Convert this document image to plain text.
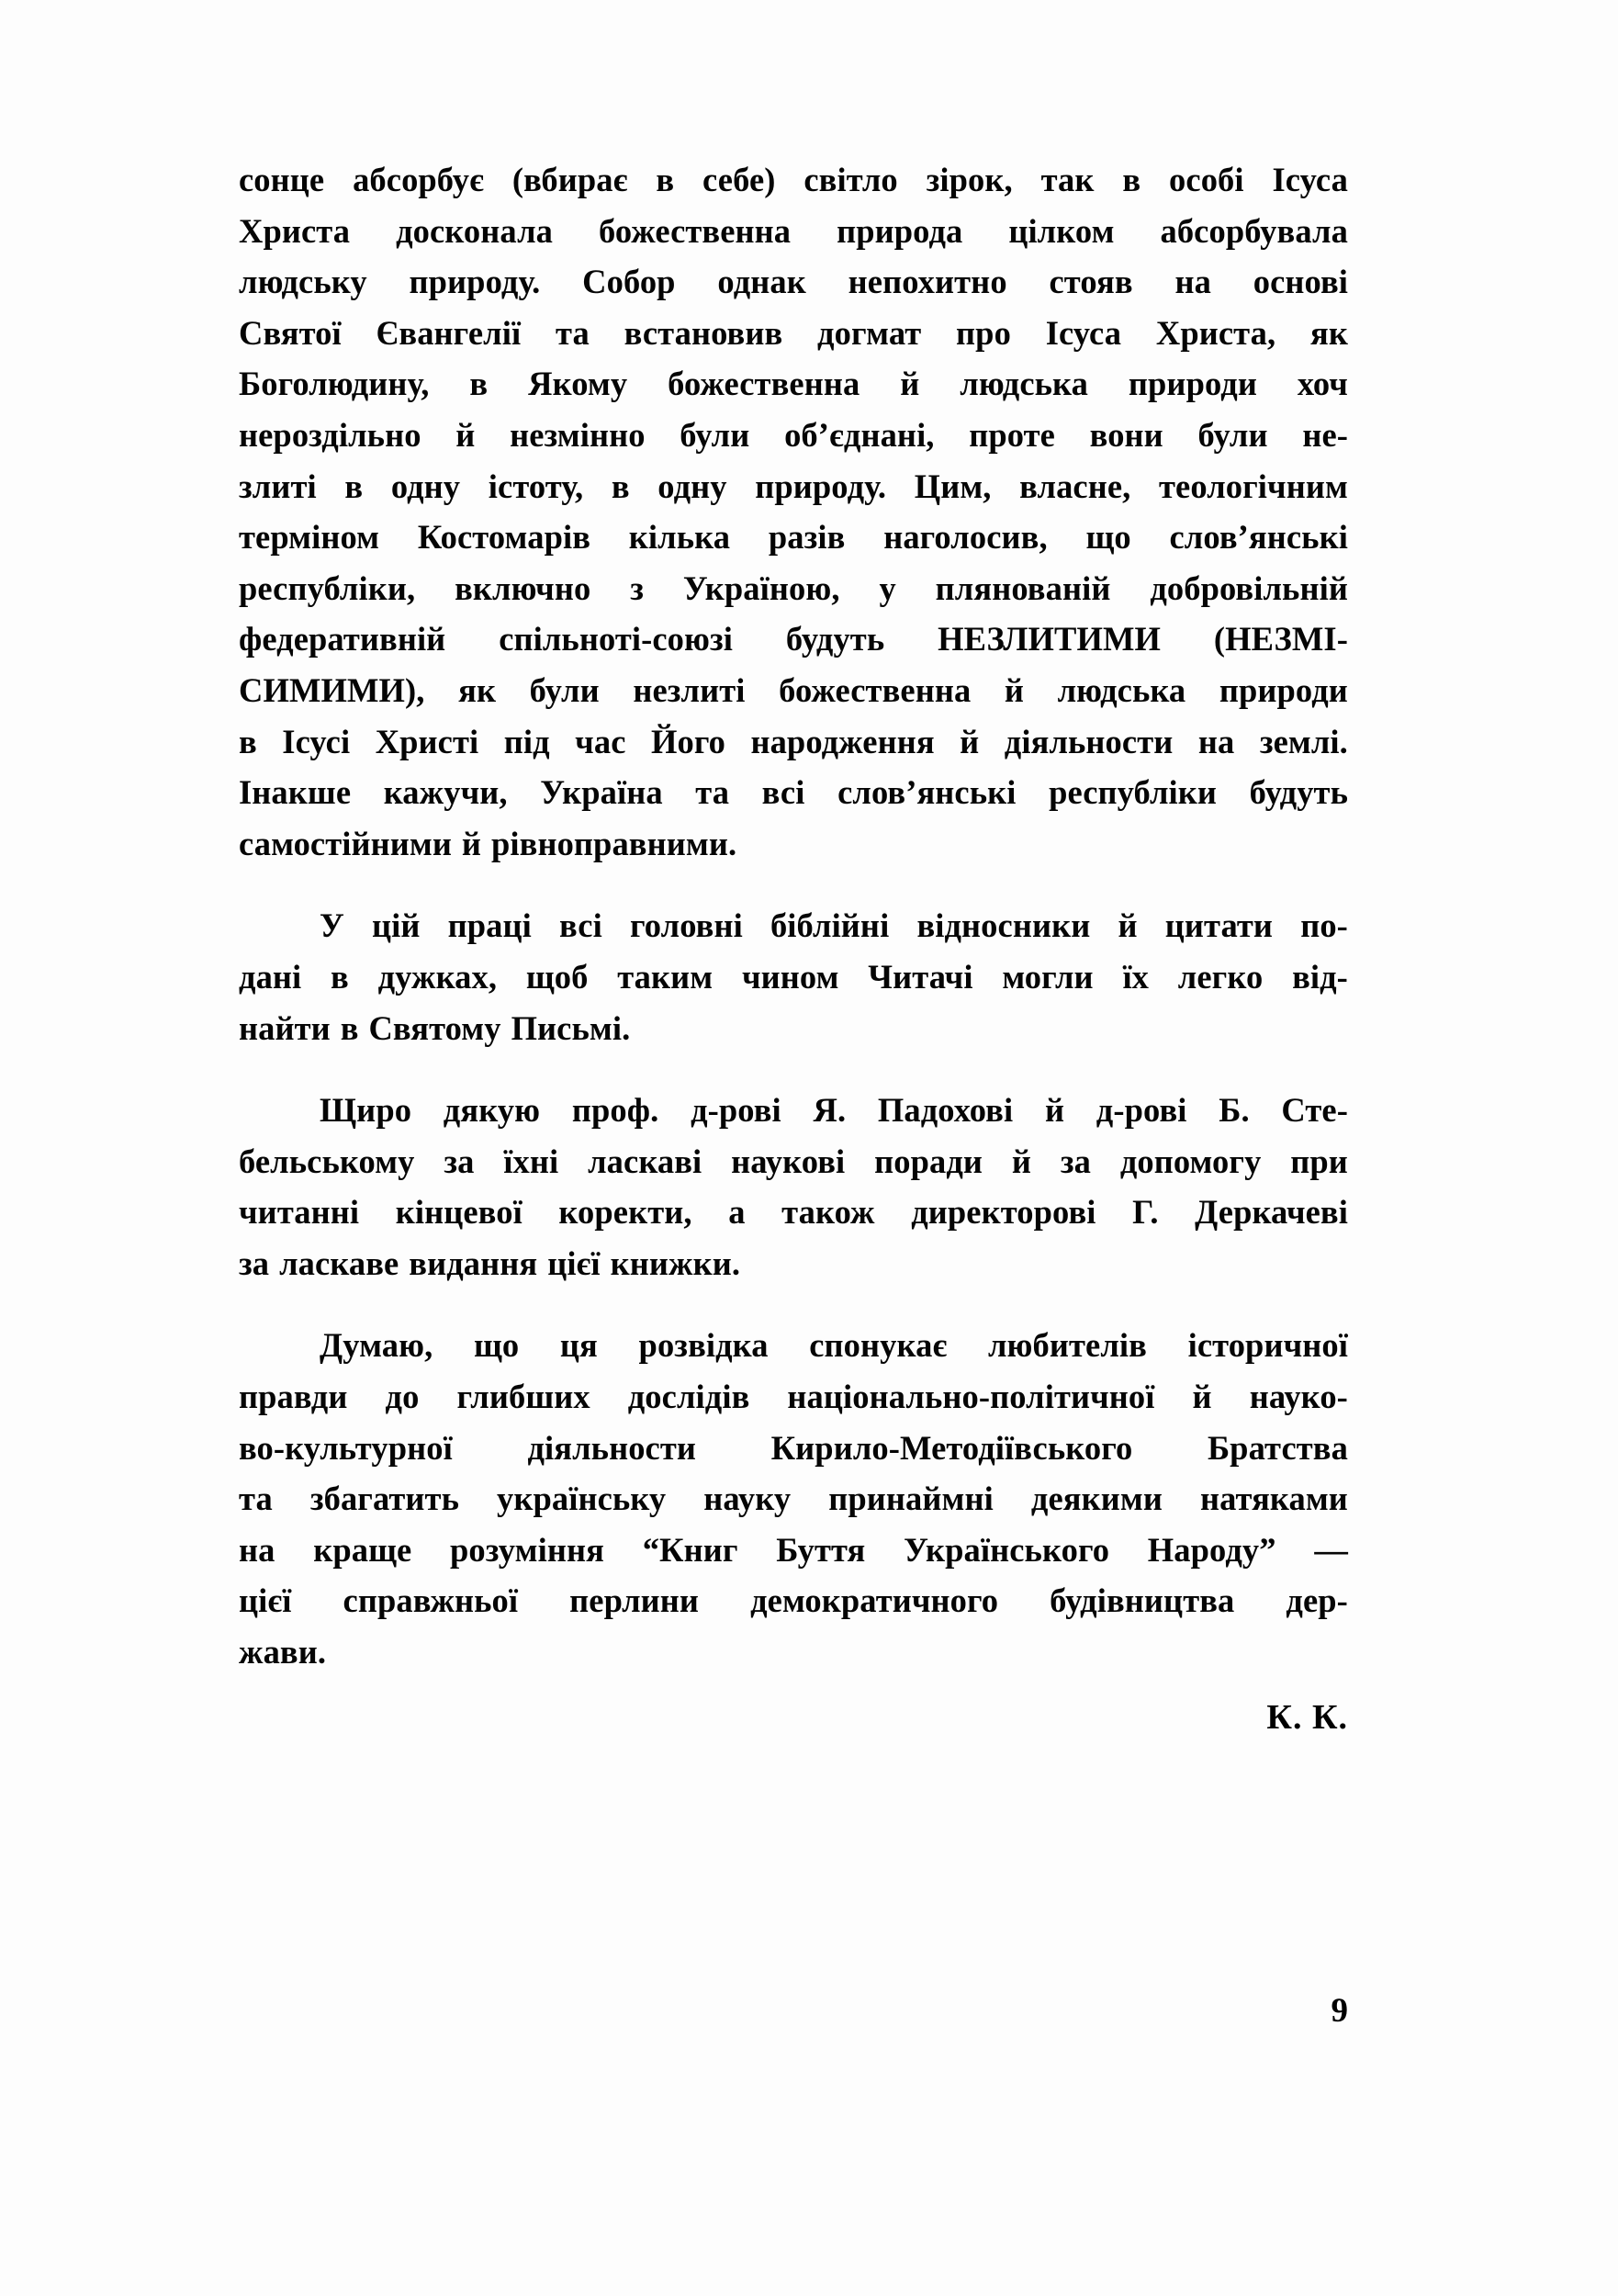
сонце абсорбує (вбирає в себе) світло зірок, так в особі Ісуса
Христа досконала божественна природа цілком абсорбувала
людську природу. Собор однак непохитно стояв на основі
Святої Євангелії та встановив догмат про Ісуса Христа, як
Боголюдину, в Якому божественна й людська природи хоч
нероздільно й незмінно були об’єднані, проте вони були не-
злиті в одну істоту, в одну природу. Цим, власне, теологічним
терміном Костомарів кілька разів наголосив, що слов’янські
республіки, включно з Україною, у плянованій добровільній
федеративній спільноті-союзі будуть НЕЗЛИТИМИ (НЕЗМІ-
СИМИМИ), як були незлиті божественна й людська природи
в Ісусі Христі під час Його народження й діяльности на землі.
Інакше кажучи, Україна та всі слов’янські республіки будуть
самостійними й рівноправними.

У цій праці всі головні біблійні відносники й цитати по-
дані в дужках, щоб таким чином Читачі могли їх легко від-
найти в Святому Письмі.

Щиро дякую проф. д-рові Я. Падохові й д-рові Б. Сте-
бельському за їхні ласкаві наукові поради й за допомогу при
читанні кінцевої коректи, а також директорові Г. Деркачеві
за ласкаве видання цієї книжки.

Думаю, що ця розвідка спонукає любителів історичної
правди до глибших дослідів національно-політичної й науко-
во-культурної діяльности Кирило-Методіївського Братства
та збагатить українську науку принаймні деякими натяками
на краще розуміння “Книг Буття Українського Народу” —
цієї справжньої перлини демократичного будівництва дер-
жави.

К. К.
9
